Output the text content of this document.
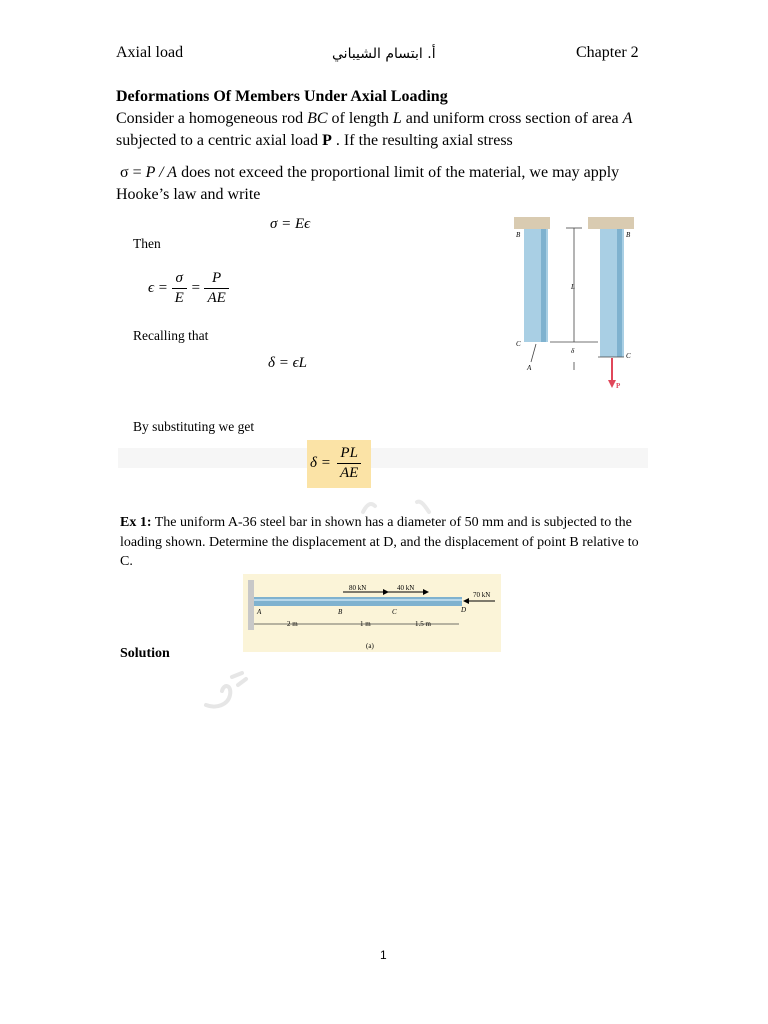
Axial load	أ. ابتسام الشيباني	Chapter 2
Deformations Of Members Under Axial Loading
Consider a homogeneous rod BC of length L and uniform cross section of area A subjected to a centric axial load P . If the resulting axial stress
σ = P / A does not exceed the proportional limit of the material, we may apply Hooke’s law and write
σ = Eϵ
Then
$\epsilon = \frac{\sigma}{E} = \frac{P}{AE}$
Recalling that
δ = ϵL
By substituting we get
$\delta = \frac{PL}{AE}$
B	B
L
C
C
δ
A
P
Ex 1: The uniform A-36 steel bar in shown has a diameter of 50 mm and is subjected to the loading shown. Determine the displacement at D, and the displacement of point B relative to C.
80 kN	40 kN
70 kN
A	B	C	D
2 m	1 m	1.5 m
(a)
Solution
1
